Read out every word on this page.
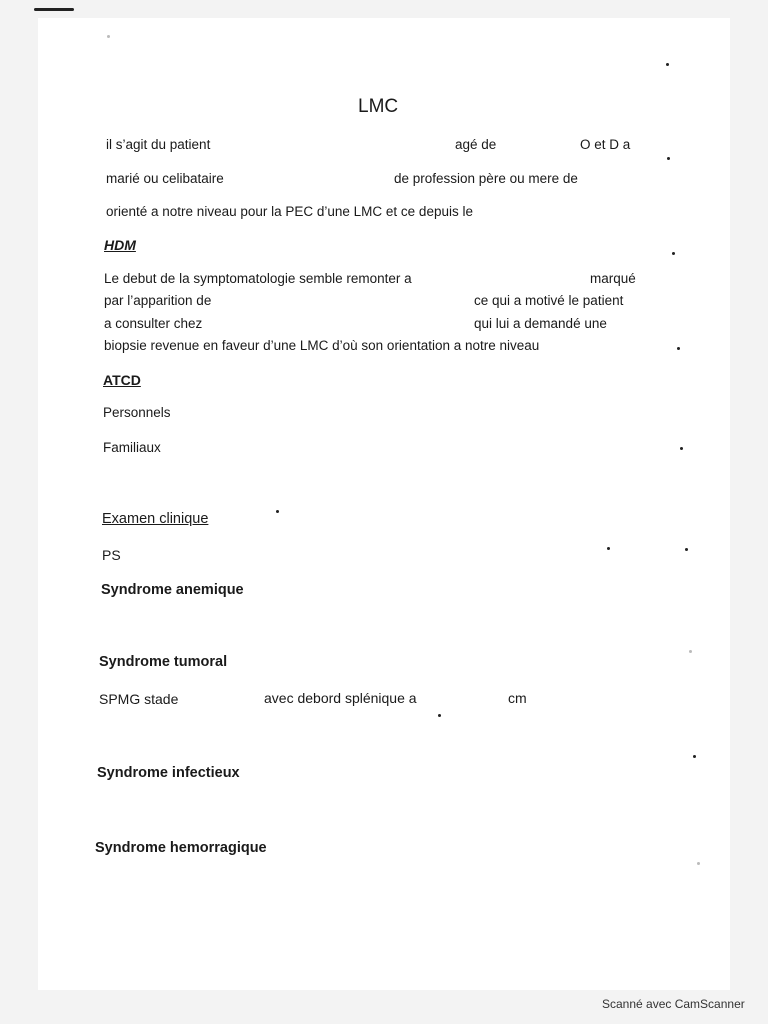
LMC
il s’agit du patient	agé de	O et D a
marié ou celibataire	de profession père ou mere de
orienté a notre niveau pour la PEC d’une LMC et ce depuis le
HDM
Le debut de la symptomatologie semble remonter a	marqué
par l’apparition de	ce qui a motivé le patient
a consulter chez	qui lui a demandé une
biopsie revenue en faveur d’une LMC d’où son orientation a notre niveau
ATCD
Personnels
Familiaux
Examen clinique
PS
Syndrome anemique
Syndrome tumoral
SPMG stade	avec debord splénique a	cm
Syndrome infectieux
Syndrome hemorragique
Scanné avec CamScanner
